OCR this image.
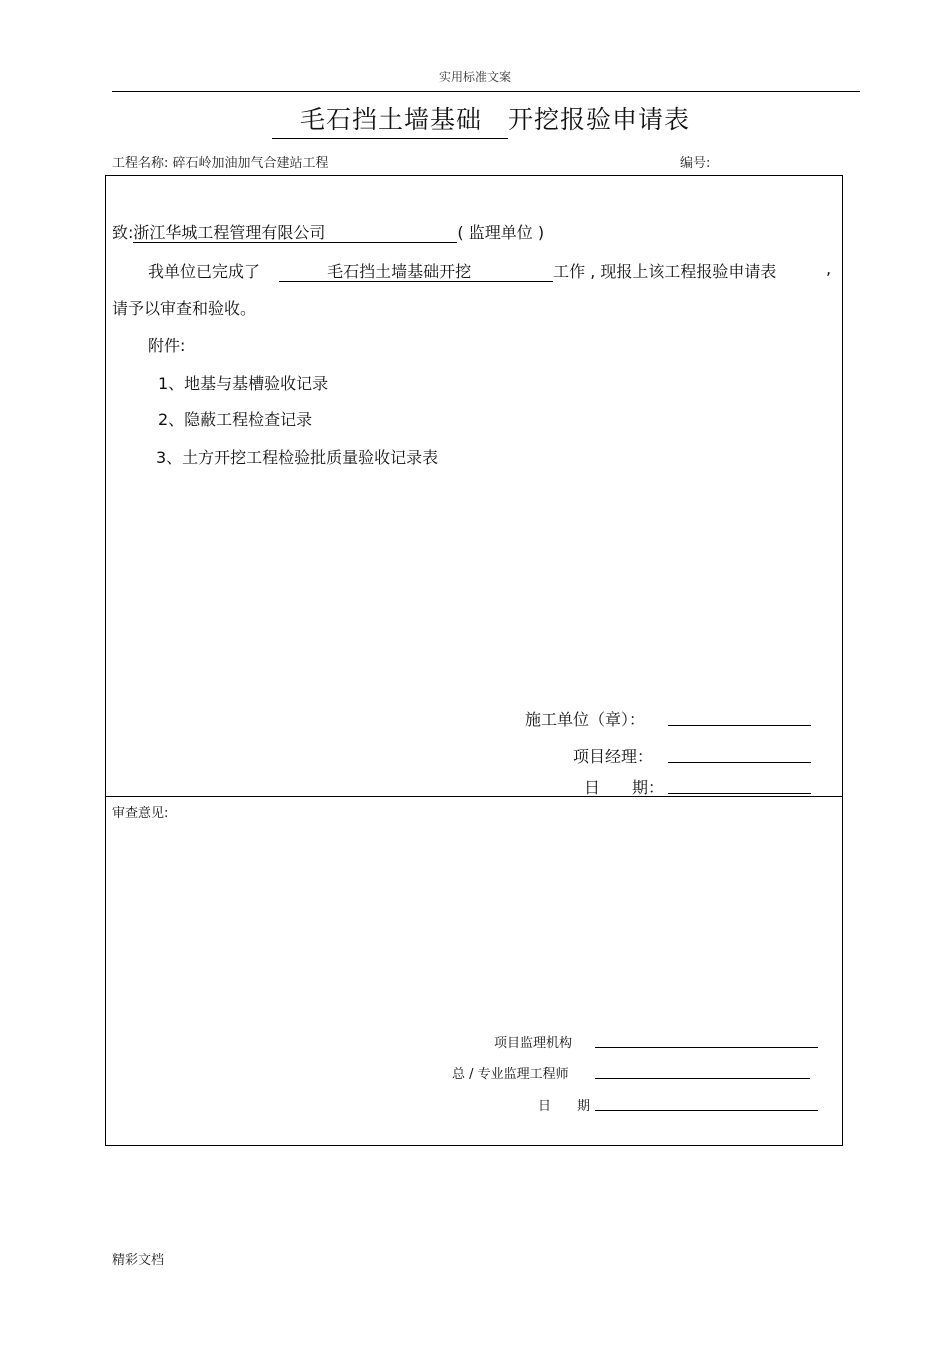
实用标准文案
毛石挡土墙基础 开挖报验申请表
工程名称: 碎石岭加油加气合建站工程	编号:
致:浙江华城工程管理有限公司	( 监理单位 )
我单位已完成了	毛石挡土墙基础开挖	工作 , 现报上该工程报验申请表	,
请予以审查和验收。
附件:
1、地基与基槽验收记录
2、隐蔽工程检查记录
3、土方开挖工程检验批质量验收记录表
施工单位（章）：
项目经理：
日　　期：
审查意见:
项目监理机构
总 / 专业监理工程师
日　　期
精彩文档
